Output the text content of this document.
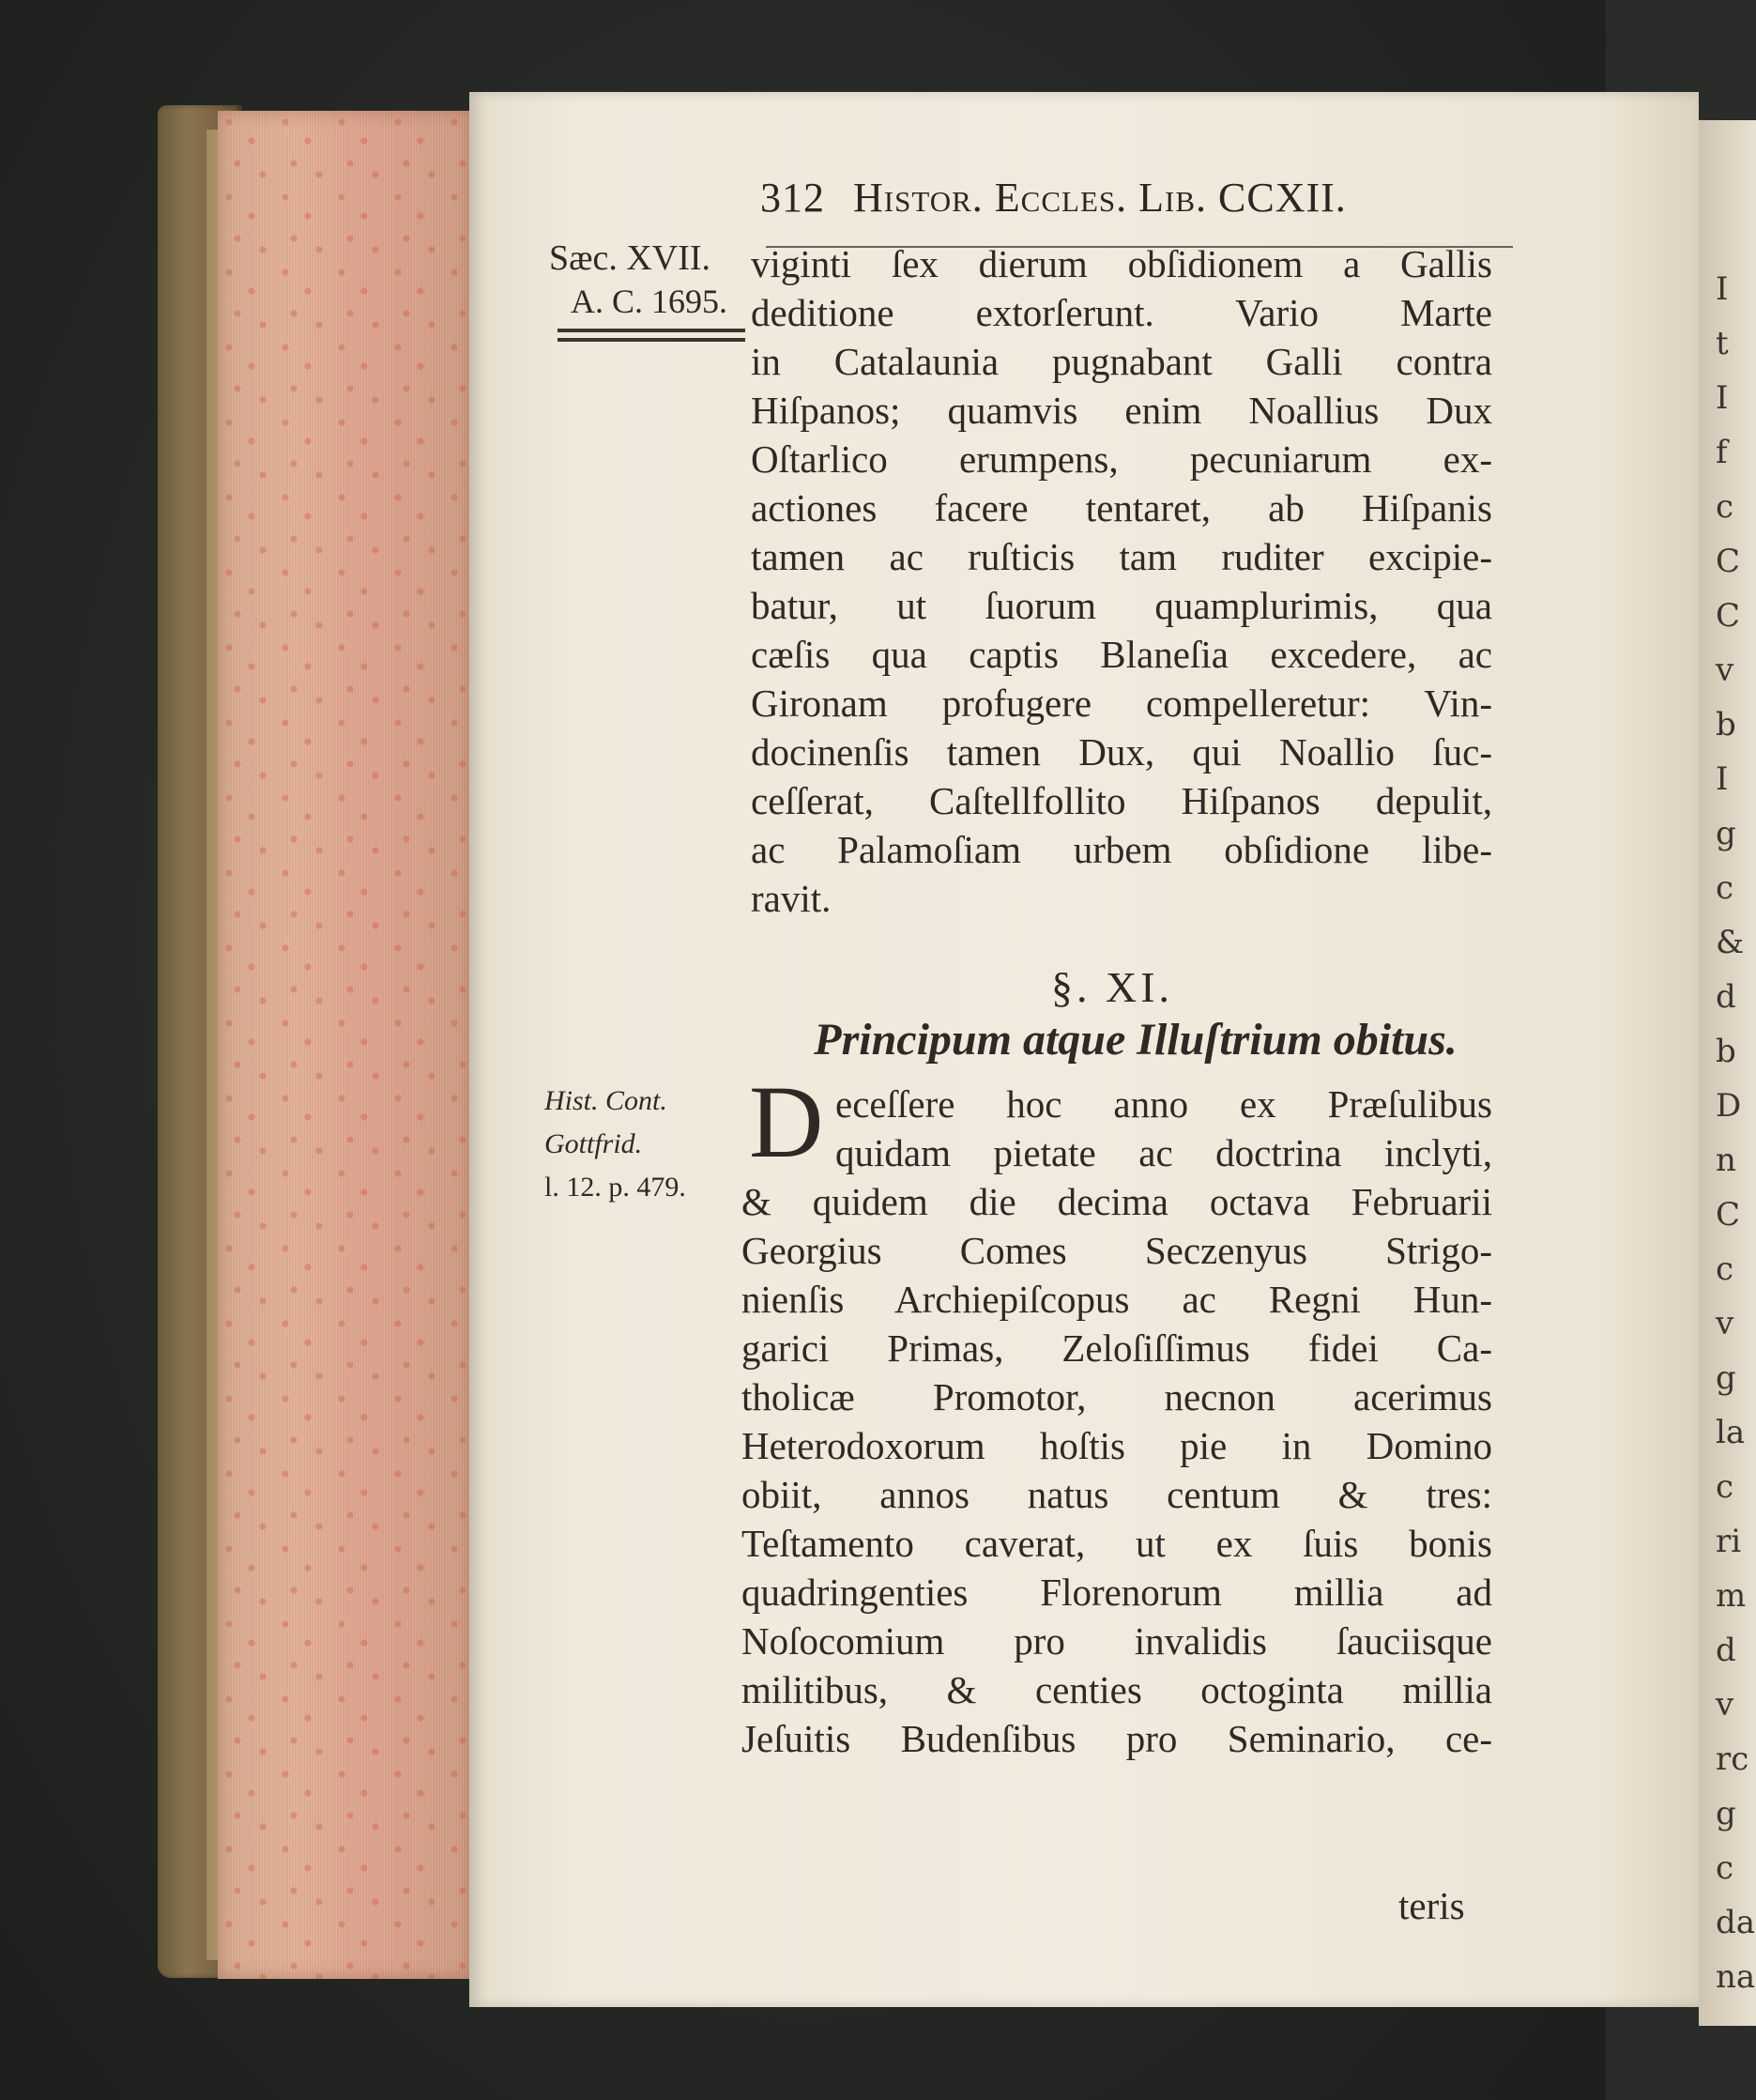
I
t
I
f
c
C
C
v
b
I
g
c
&
d
b
D
n
C
c
v
g
la
c
ri
m
d
v
rc
g
c
da
na
312 Histor. Eccles. Lib. CCXII.
Sæc. XVII.
A. C. 1695.
Hist. Cont.
Gottfrid.
l. 12. p. 479.
viginti ſex dierum obſidionem a Gallis
deditione extorſerunt. Vario Marte
in Catalaunia pugnabant Galli contra
Hiſpanos; quamvis enim Noallius Dux
Oſtarlico erumpens, pecuniarum ex-
actiones facere tentaret, ab Hiſpanis
tamen ac ruſticis tam ruditer excipie-
batur, ut ſuorum quamplurimis, qua
cæſis qua captis Blaneſia excedere, ac
Gironam profugere compelleretur: Vin-
docinenſis tamen Dux, qui Noallio ſuc-
ceſſerat, Caſtellfollito Hiſpanos depulit,
ac Palamoſiam urbem obſidione libe-
ravit.
§. XI.
Principum atque Illuſtrium obitus.
D eceſſere hoc anno ex Præſulibus
quidam pietate ac doctrina inclyti,
& quidem die decima octava Februarii
Georgius Comes Seczenyus Strigo-
nienſis Archiepiſcopus ac Regni Hun-
garici Primas, Zeloſiſſimus fidei Ca-
tholicæ Promotor, necnon acerimus
Heterodoxorum hoſtis pie in Domino
obiit, annos natus centum & tres:
Teſtamento caverat, ut ex ſuis bonis
quadringenties Florenorum millia ad
Noſocomium pro invalidis ſauciisque
militibus, & centies octoginta millia
Jeſuitis Budenſibus pro Seminario, ce-
teris
